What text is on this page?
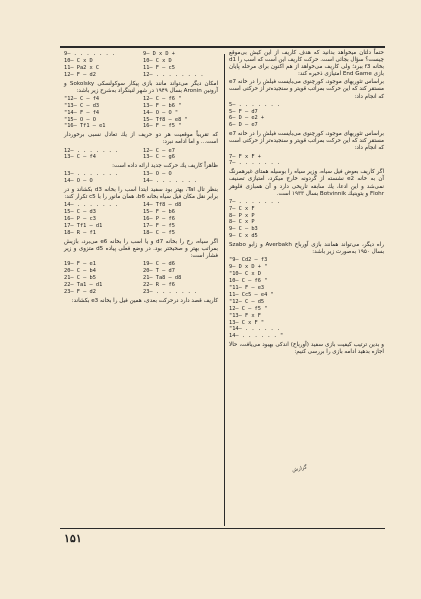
9— . . . . . . .	9— D x D +
10— C x D	10— C x D
11— Pa2 x C	11— F — c5
12— F — d2	12— . . . . . . . .
امکان دیگر می‌تواند مانند بازی پیکار سوکولسکی Sokolsky و آرونین Aronin بسال ۱۹۴۹ در شهر لنینگراد به‌شرح زیر باشد:
"12— C — f4	12— C — f6 "
"13— C — d3	13— F — b6 "
"14— F — f4	14— O — O "
"15— O — O	15— Tf8 — e8 "
"16— Tf1 — e1	16— F — f5 "
که تقریباً موقعیت هر دو حریف از یك تعادل نسبی برخوردار است... و اما ادامه نبرد:
12— . . . . . . .	12— C — e7
13— C — f4	13— C — g6
ظاهراً کاریف یك حرکت جدید ارائه داده است:
13— . . . . . . .	13— O — O
14— O — O	14— . . . . . . .
بنظر تال Tal، بهتر بود سفید ابتدا اسب را بخانه d3 بکشاند و در برابر نقل مکان فیل سیاه بخانه b6، همان مانور را با c5 تکرار کند:
14— . . . . . . .	14— Tf8 — d8
15— C — d3	15— F — b6
16— P — c3	16— P — f6
17— Tf1 — d1	17— F — f5
18— R — f1	18— C — f5
اگر سیاه، رخ را بخانه d7 و یا اسب را بخانه e6 می‌برد، بازیش بمراتب بهتر و صحیحتر بود. در وضع فعلی پیاده d5 متزوی و زیر فشار است:
19— F — e1	19— C — d6
20— C — b4	20— T — d7
21— C — b5	21— Ta8 — d8
22— Ta1 — d1	22— R — f6
23— F — d2	23— . . . . . . .
کاریف قصد دارد درحرکت بعدی، همین فیل را بخانه e3 بکشاند:
حتماً دلتان میخواهد بدانید که هدف کاریف از این کیش بی‌موقع چیست؟ سؤال بجائی است. حرکت کاریف این است که اسب را d1 بخانه f3 ببرد؛ ولی کاریف می‌خواهد از هم اکنون برای مرحله پایان بازی End Game امتیازی ذخیره کند:
براساس تئوریهای موجود، کورچنوی می‌بایست فیلش را در خانه e7 مستقر کند که این حرکت بمراتب قویتر و سنجیده‌تر از حرکتی است که انجام داد:
5— . . . . . . .
5— F — d7
6— D — e2 +
6— D — e7
براساس تئوریهای موجود، کورچنوی می‌بایست فیلش را در خانه e7 مستقر کند که این حرکت بمراتب قویتر و سنجیده‌تر از حرکتی است که انجام داد:
7— F x F +
7— . . . . . . .
اگر کاریف بعوض فیل سیاه، وزیر سیاه را بوسیله همتای غیرهمرنگ آن به خانه e2 نشسته از گردونه خارج میکرد، امتیازی تصنیف نمی‌شد و این ادعا، یك سابقه تاریخی دارد و آن همبازی فلوهر Flohr و بتوینیك Botvinnik بسال ۱۹۳۳ است.
7— . . . . . . .
7— C x F
8— P x P
8— C x P
9— C — b3
9— C x d5
راه دیگر، می‌تواند همانند بازی آورباخ Averbakh و زابو Szabo بسال ۱۹۵۰ به‌صورت زیر باشد:
"9— Cd2 — f3
9— D x D + "
"10— C x D
10— C — f6 "
"11— F — e3
11— Cc5 — e4 "
"12— C — d5
12— C — f5 "
"13— F x F
13— C x F "
"14— . . . . . .
14— . . . . . . "
و بدین ترتیب کیفیت بازی سفید (آورباخ) اندکی بهبود می‌یافت، حالا اجازه بدهید ادامه بازی را بررسی کنیم:
گزارش
۱۵۱
